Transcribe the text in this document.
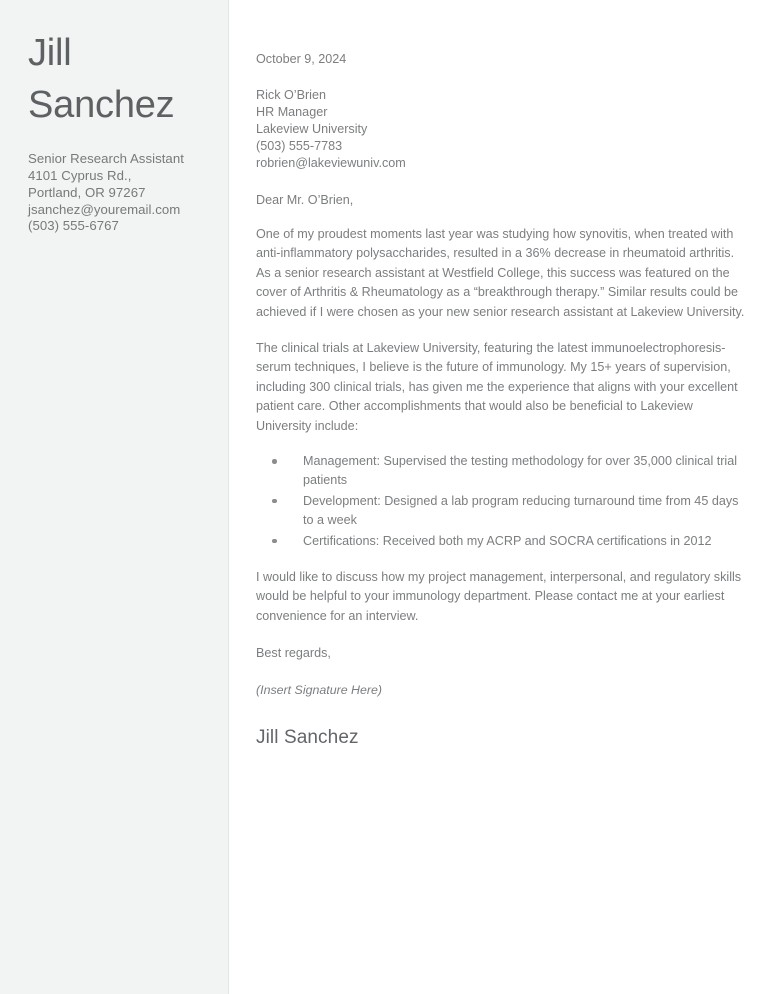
Jill
Sanchez
Senior Research Assistant
4101 Cyprus Rd.,
Portland, OR 97267
jsanchez@youremail.com
(503) 555-6767
October 9, 2024
Rick O’Brien
HR Manager
Lakeview University
(503) 555-7783
robrien@lakeviewuniv.com
Dear Mr. O’Brien,

One of my proudest moments last year was studying how synovitis, when treated with anti-inflammatory polysaccharides, resulted in a 36% decrease in rheumatoid arthritis. As a senior research assistant at Westfield College, this success was featured on the cover of Arthritis & Rheumatology as a “breakthrough therapy.” Similar results could be achieved if I were chosen as your new senior research assistant at Lakeview University.

The clinical trials at Lakeview University, featuring the latest immunoelectrophoresis-serum techniques, I believe is the future of immunology. My 15+ years of supervision, including 300 clinical trials, has given me the experience that aligns with your excellent patient care. Other accomplishments that would also be beneficial to Lakeview University include:

Management: Supervised the testing methodology for over 35,000 clinical trial patients
Development: Designed a lab program reducing turnaround time from 45 days to a week
Certifications: Received both my ACRP and SOCRA certifications in 2012

I would like to discuss how my project management, interpersonal, and regulatory skills would be helpful to your immunology department. Please contact me at your earliest convenience for an interview.

Best regards,
(Insert Signature Here)
Jill Sanchez
